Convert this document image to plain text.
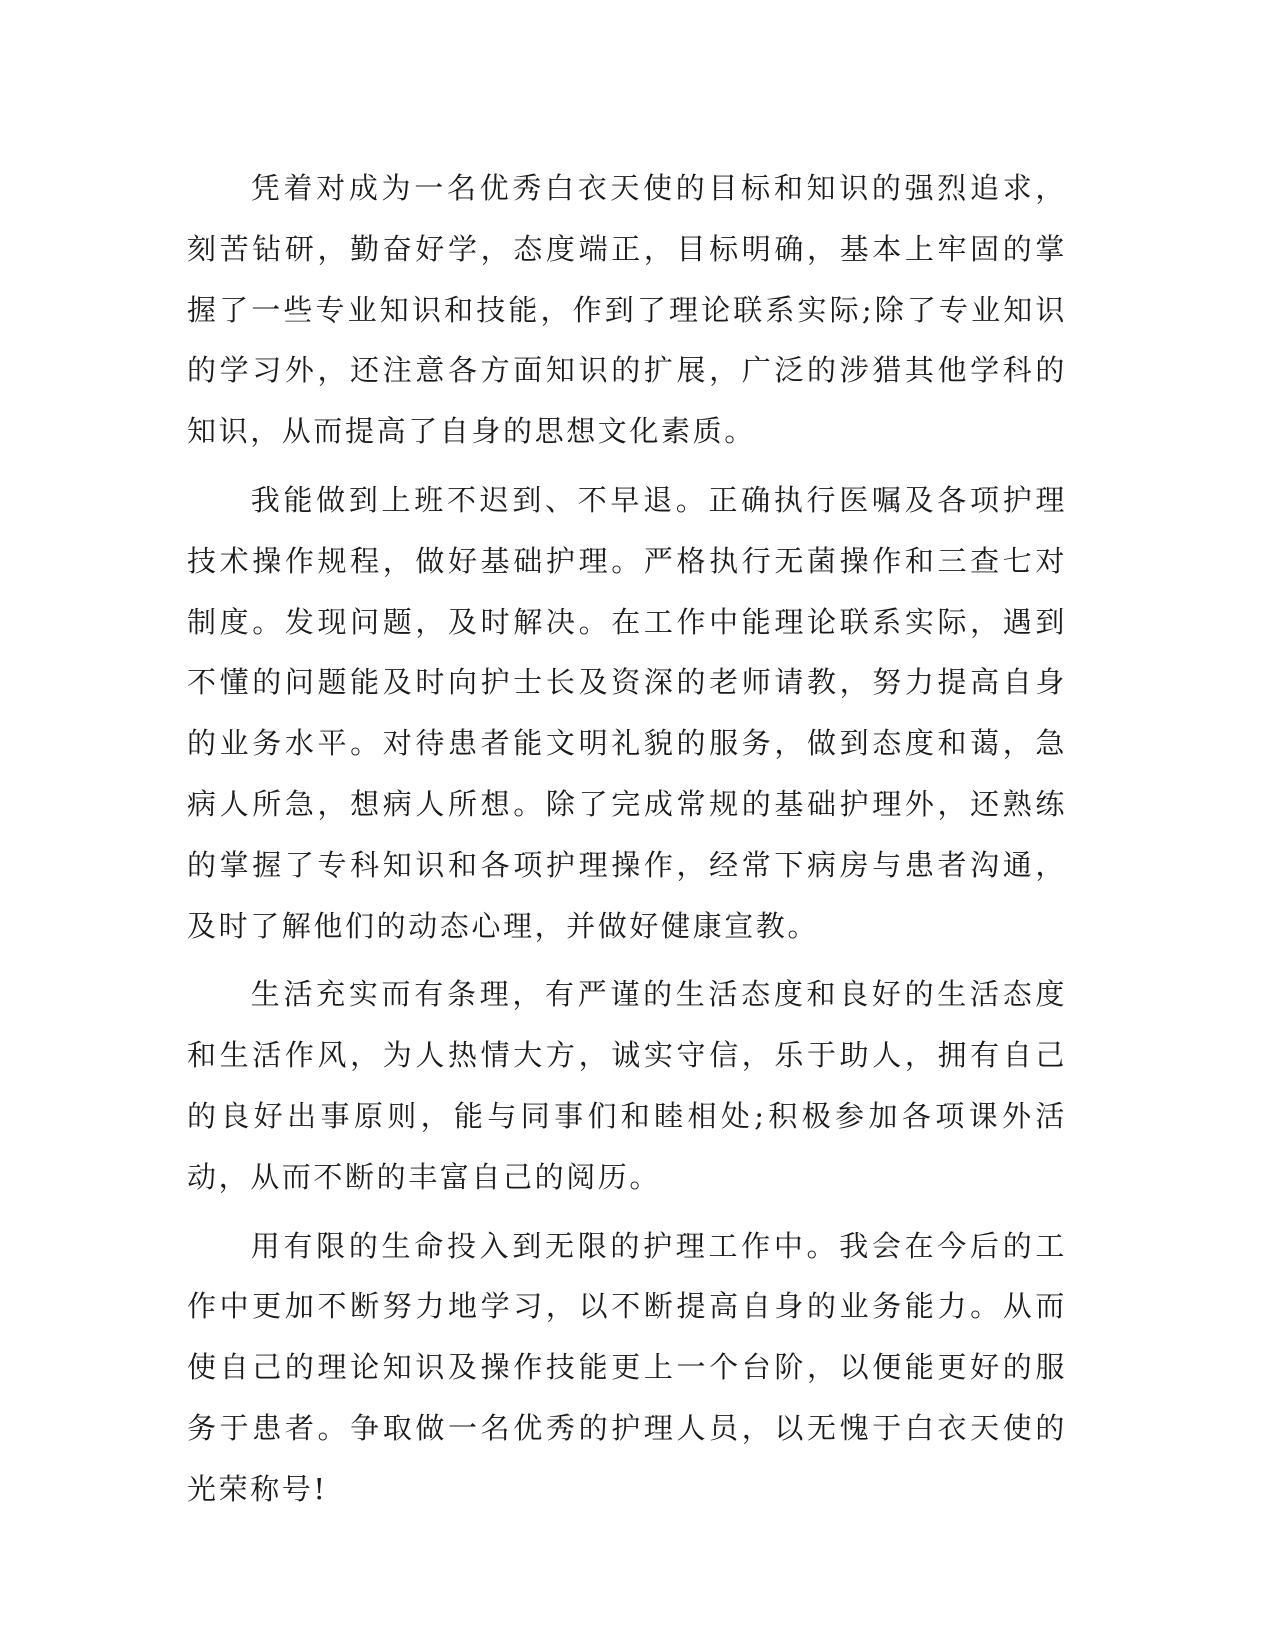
凭着对成为一名优秀白衣天使的目标和知识的强烈追求，刻苦钻研，勤奋好学，态度端正，目标明确，基本上牢固的掌握了一些专业知识和技能，作到了理论联系实际;除了专业知识的学习外，还注意各方面知识的扩展，广泛的涉猎其他学科的知识，从而提高了自身的思想文化素质。

我能做到上班不迟到、不早退。正确执行医嘱及各项护理技术操作规程，做好基础护理。严格执行无菌操作和三查七对制度。发现问题，及时解决。在工作中能理论联系实际，遇到不懂的问题能及时向护士长及资深的老师请教，努力提高自身的业务水平。对待患者能文明礼貌的服务，做到态度和蔼，急病人所急，想病人所想。除了完成常规的基础护理外，还熟练的掌握了专科知识和各项护理操作，经常下病房与患者沟通，及时了解他们的动态心理，并做好健康宣教。

生活充实而有条理，有严谨的生活态度和良好的生活态度和生活作风，为人热情大方，诚实守信，乐于助人，拥有自己的良好出事原则，能与同事们和睦相处;积极参加各项课外活动，从而不断的丰富自己的阅历。

用有限的生命投入到无限的护理工作中。我会在今后的工作中更加不断努力地学习，以不断提高自身的业务能力。从而使自己的理论知识及操作技能更上一个台阶，以便能更好的服务于患者。争取做一名优秀的护理人员，以无愧于白衣天使的光荣称号!
